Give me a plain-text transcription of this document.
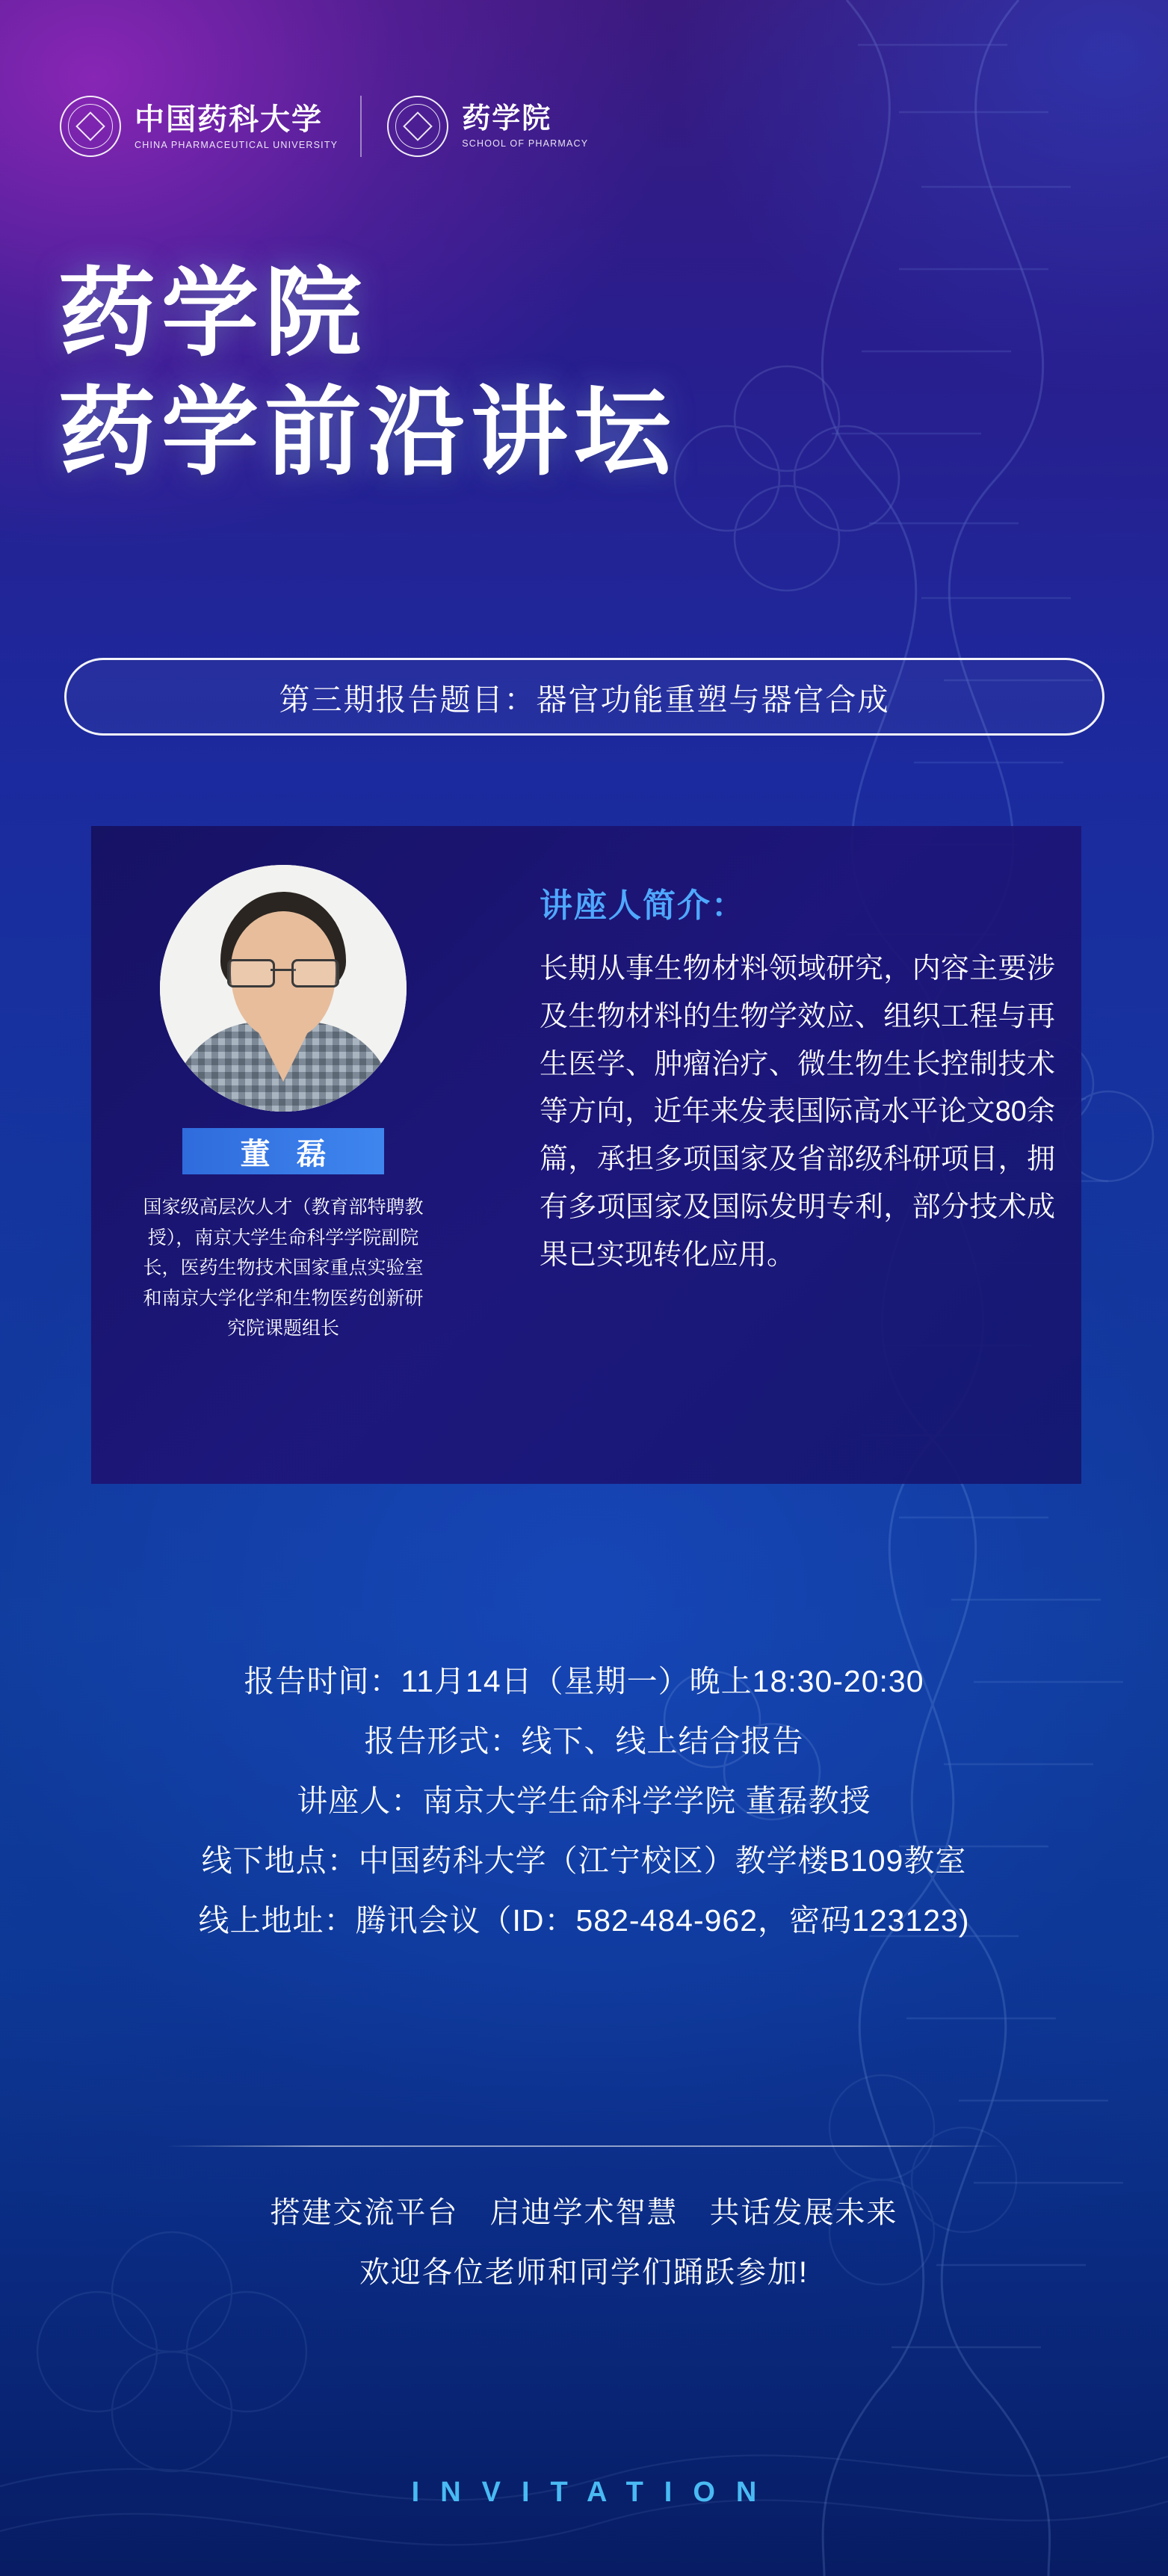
中国药科大学
CHINA PHARMACEUTICAL UNIVERSITY
药学院
SCHOOL OF PHARMACY
药学院
药学前沿讲坛
第三期报告题目：器官功能重塑与器官合成
董 磊
国家级高层次人才（教育部特聘教授），南京大学生命科学学院副院长，医药生物技术国家重点实验室和南京大学化学和生物医药创新研究院课题组长
讲座人简介：

长期从事生物材料领域研究，内容主要涉及生物材料的生物学效应、组织工程与再生医学、肿瘤治疗、微生物生长控制技术等方向，近年来发表国际高水平论文80余篇，承担多项国家及省部级科研项目，拥有多项国家及国际发明专利，部分技术成果已实现转化应用。

报告时间：11月14日（星期一）晚上18:30-20:30
报告形式：线下、线上结合报告
讲座人：南京大学生命科学学院 董磊教授
线下地点：中国药科大学（江宁校区）教学楼B109教室
线上地址：腾讯会议（ID：582-484-962，密码123123)
搭建交流平台　启迪学术智慧　共话发展未来
欢迎各位老师和同学们踊跃参加!
INVITATION
